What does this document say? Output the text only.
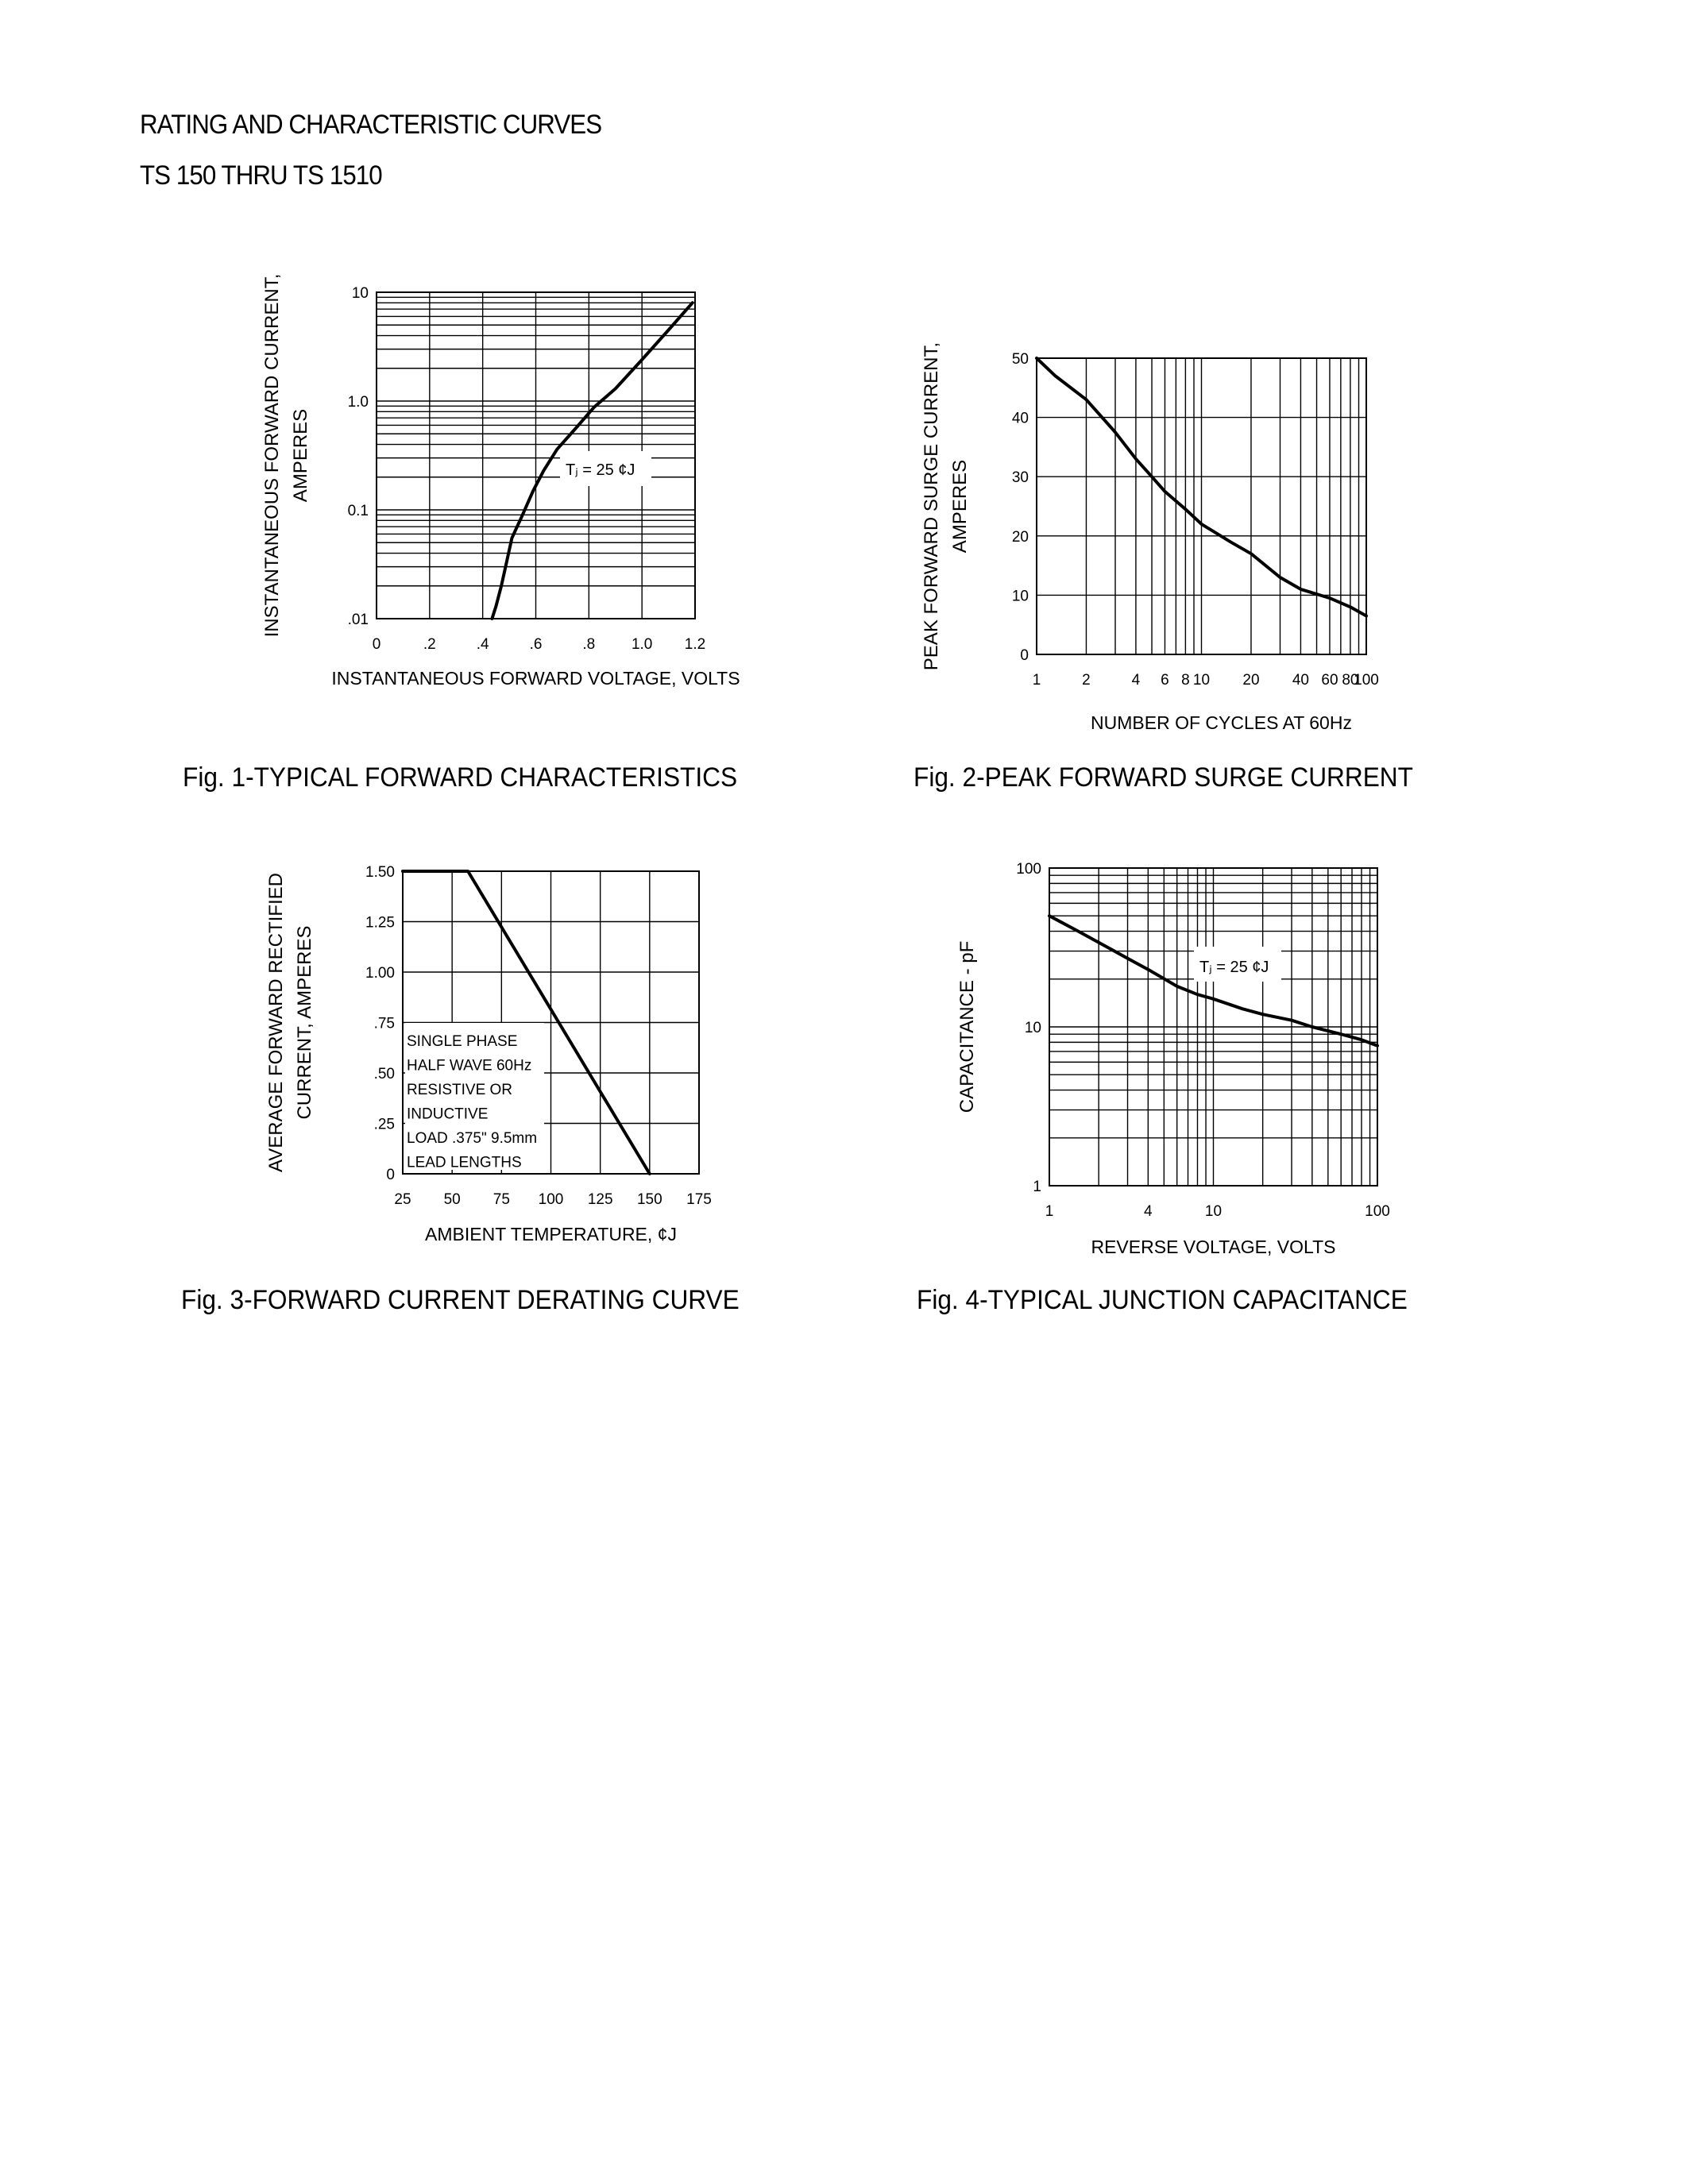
RATING AND CHARACTERISTIC CURVES
TS 150 THRU TS 1510
0	.2	.4	.6	.8 1.0 1.2
10
1.0
0.1
.01
INSTANTANEOUS FORWARD VOLTAGE, VOLTS
INSTANTANEOUS FORWARD CURRENT, AMPERES	Tⱼ = 25 ¢J
1	2	4 6 8 10 20 40 60 80
100
50
40
30
20
10
0
NUMBER OF CYCLES AT 60Hz
PEAK FORWARD SURGE CURRENT, AMPERES
25 50 75 100 125 150 175
1.50
1.25
1.00
.75
.50
.25
0
AMBIENT TEMPERATURE, ¢J
AVERAGE FORWARD RECTIFIED CURRENT, AMPERES	SINGLE PHASE
HALF WAVE 60Hz
RESISTIVE OR
INDUCTIVE
LOAD .375" 9.5mm
LEAD LENGTHS
1	4	10	100
100
10
1
REVERSE VOLTAGE, VOLTS
CAPACITANCE - pF	Tⱼ = 25 ¢J
Fig. 1-TYPICAL FORWARD CHARACTERISTICS	Fig. 2-PEAK FORWARD SURGE CURRENT
Fig. 3-FORWARD CURRENT DERATING CURVE	Fig. 4-TYPICAL JUNCTION CAPACITANCE
